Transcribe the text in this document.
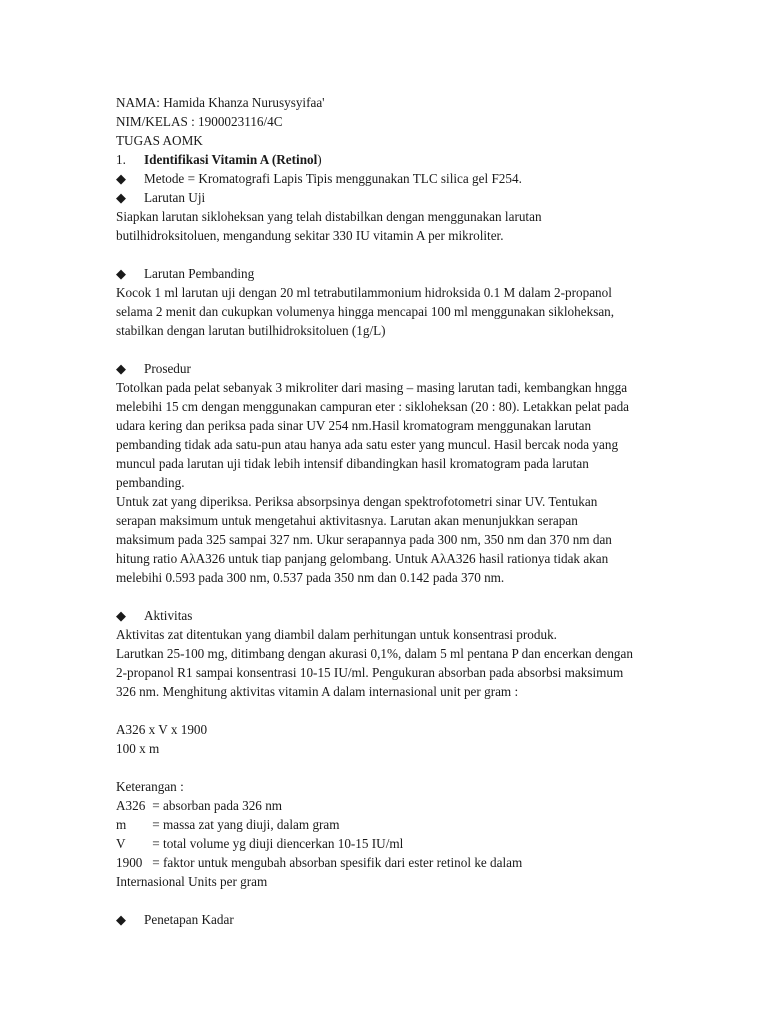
NAMA: Hamida Khanza Nurusysyifaa'
NIM/KELAS : 1900023116/4C
TUGAS AOMK
1. Identifikasi Vitamin A (Retinol)
◆ Metode = Kromatografi Lapis Tipis menggunakan TLC silica gel F254.
◆ Larutan Uji
Siapkan larutan sikloheksan yang telah distabilkan dengan menggunakan larutan
butilhidroksitoluen, mengandung sekitar 330 IU vitamin A per mikroliter.
◆ Larutan Pembanding
Kocok 1 ml larutan uji dengan 20 ml tetrabutilammonium hidroksida 0.1 M dalam 2-propanol
selama 2 menit dan cukupkan volumenya hingga mencapai 100 ml menggunakan sikloheksan,
stabilkan dengan larutan butilhidroksitoluen (1g/L)
◆ Prosedur
Totolkan pada pelat sebanyak 3 mikroliter dari masing – masing larutan tadi, kembangkan hngga
melebihi 15 cm dengan menggunakan campuran eter : sikloheksan (20 : 80). Letakkan pelat pada
udara kering dan periksa pada sinar UV 254 nm.Hasil kromatogram menggunakan larutan
pembanding tidak ada satu-pun atau hanya ada satu ester yang muncul. Hasil bercak noda yang
muncul pada larutan uji tidak lebih intensif dibandingkan hasil kromatogram pada larutan
pembanding.
Untuk zat yang diperiksa. Periksa absorpsinya dengan spektrofotometri sinar UV. Tentukan
serapan maksimum untuk mengetahui aktivitasnya. Larutan akan menunjukkan serapan
maksimum pada 325 sampai 327 nm. Ukur serapannya pada 300 nm, 350 nm dan 370 nm dan
hitung ratio AλA326 untuk tiap panjang gelombang. Untuk AλA326 hasil rationya tidak akan
melebihi 0.593 pada 300 nm, 0.537 pada 350 nm dan 0.142 pada 370 nm.
◆ Aktivitas
Aktivitas zat ditentukan yang diambil dalam perhitungan untuk konsentrasi produk.
Larutkan 25-100 mg, ditimbang dengan akurasi 0,1%, dalam 5 ml pentana P dan encerkan dengan
2-propanol R1 sampai konsentrasi 10-15 IU/ml. Pengukuran absorban pada absorbsi maksimum
326 nm. Menghitung aktivitas vitamin A dalam internasional unit per gram :
A326 x V x 1900
100 x m
Keterangan :
A326 = absorban pada 326 nm
m = massa zat yang diuji, dalam gram
V = total volume yg diuji diencerkan 10-15 IU/ml
1900 = faktor untuk mengubah absorban spesifik dari ester retinol ke dalam
Internasional Units per gram
◆ Penetapan Kadar
